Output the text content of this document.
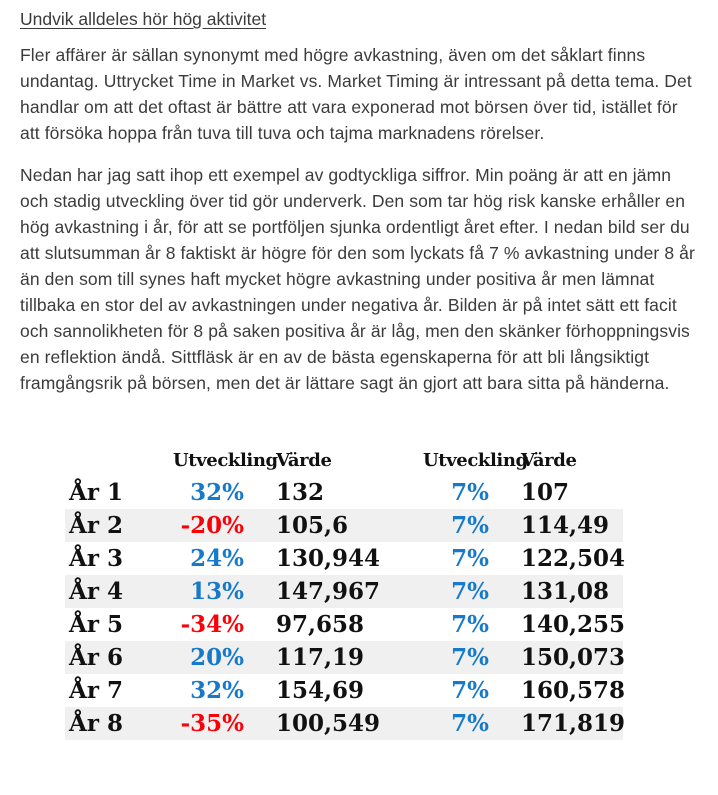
Undvik alldeles hör hög aktivitet

Fler affärer är sällan synonymt med högre avkastning, även om det såklart finns undantag. Uttrycket Time in Market vs. Market Timing är intressant på detta tema. Det handlar om att det oftast är bättre att vara exponerad mot börsen över tid, istället för att försöka hoppa från tuva till tuva och tajma marknadens rörelser.

Nedan har jag satt ihop ett exempel av godtyckliga siffror. Min poäng är att en jämn och stadig utveckling över tid gör underverk. Den som tar hög risk kanske erhåller en hög avkastning i år, för att se portföljen sjunka ordentligt året efter. I nedan bild ser du att slutsumman år 8 faktiskt är högre för den som lyckats få 7 % avkastning under 8 år än den som till synes haft mycket högre avkastning under positiva år men lämnat tillbaka en stor del av avkastningen under negativa år. Bilden är på intet sätt ett facit och sannolikheten för 8 på saken positiva år är låg, men den skänker förhoppningsvis en reflektion ändå. Sittfläsk är en av de bästa egenskaperna för att bli långsiktigt framgångsrik på börsen, men det är lättare sagt än gjort att bara sitta på händerna.

	Utveckling	Värde	Utveckling	Värde
År 1	32%	132	7%	107
År 2	-20%	105,6	7%	114,49
År 3	24%	130,944	7%	122,504
År 4	13%	147,967	7%	131,08
År 5	-34%	97,658	7%	140,255
År 6	20%	117,19	7%	150,073
År 7	32%	154,69	7%	160,578
År 8	-35%	100,549	7%	171,819
